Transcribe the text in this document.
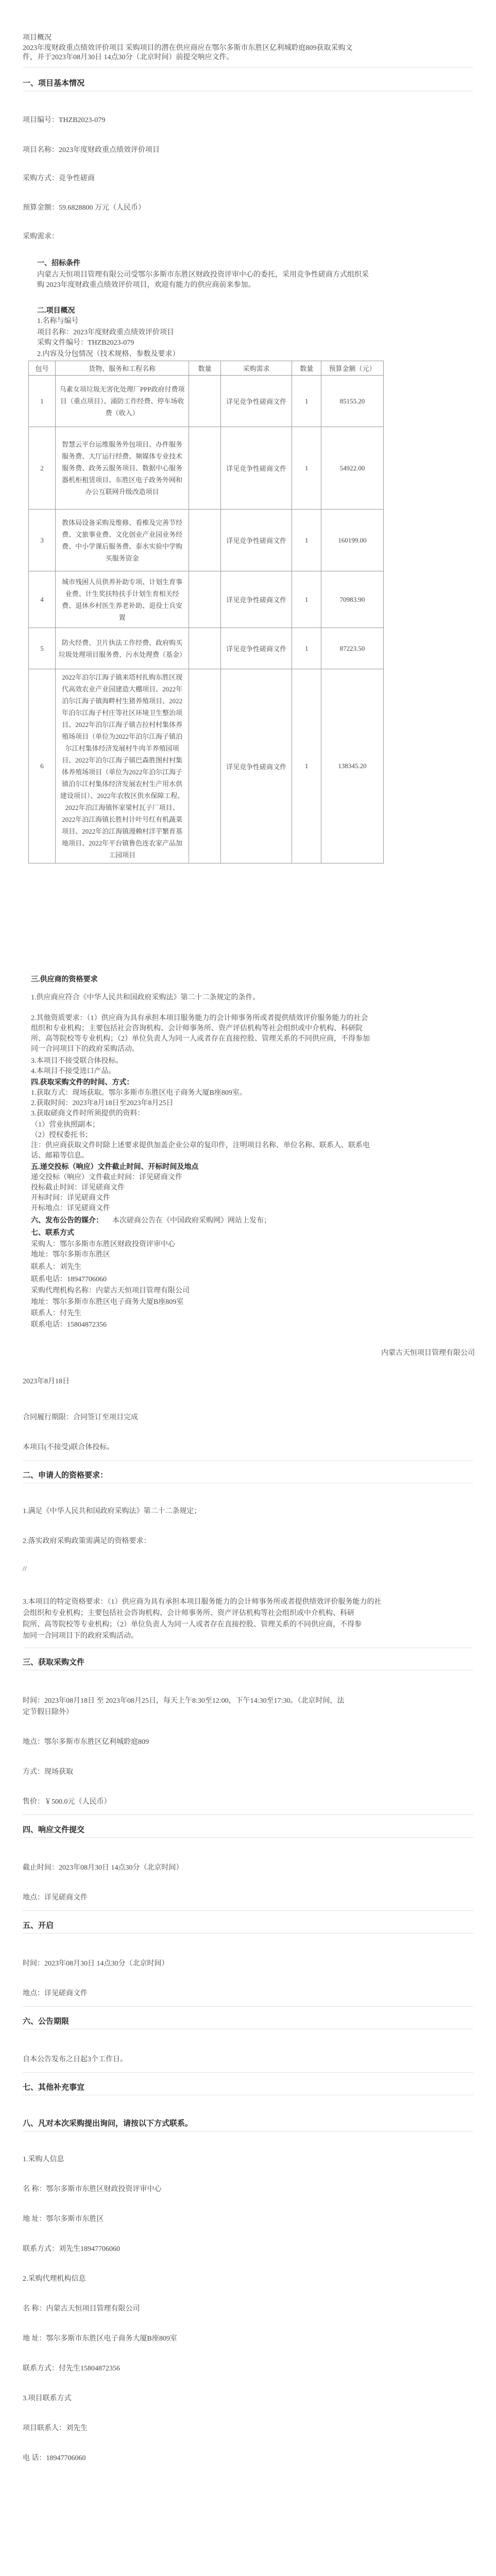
项目概况
2023年度财政重点绩效评价项目 采购项目的潜在供应商应在鄂尔多斯市东胜区亿利城聆庭809获取采购文
件，并于2023年08月30日 14点30分（北京时间）前提交响应文件。
一、项目基本情况
项目编号：THZB2023-079
项目名称：2023年度财政重点绩效评价项目
采购方式：竞争性磋商
预算金额：59.6828800 万元（人民币）
采购需求：
一、招标条件
内蒙古天恒项目管理有限公司受鄂尔多斯市东胜区财政投资评审中心的委托，采用竞争性磋商方式组织采
购 2023年度财政重点绩效评价项目，欢迎有能力的供应商前来参加。
二.项目概况
1.名称与编号
项目名称：2023年度财政重点绩效评价项目
采购文件编号：THZB2023-079
2.内容及分包情况（技术规格、参数及要求）
包号	货物、服务和工程名称	数量	采购需求	数量	预算金额（元）
1	乌素女项垃圾无害化处理厂PPP政府付费项目（重点项目）、涌防工作经费、停车场收费（收入）		详见竞争性磋商文件	1	85155.20
2	智慧云平台运维服务外包项目、办件服务服务费、大厅运行经费、频媒体专业技术服务费、政务云服务项目、数据中心服务器机柜租赁项目、东胜区电子政务外网和办公互联网升级改造项目		详见竞争性磋商文件	1	54922.00
3	教体局设备采购及维修、看椎及完善节经费、文旅事业费、文化创业产业园业务经费、中小学课后服务费、泰水实验中学购买服务资金		详见竞争性磋商文件	1	160199.00
4	城市残困人员供养补助专项、计划生育事业费、计生奖扶特扶手计划生育相关经费、退休乡村医生养老补助、退役士兵安置		详见竞争性磋商文件	1	70983.90
5	防火经费、卫片执法工作经费、政府购买垃圾处理项目服务费、污水处理费（基金）		详见竞争性磋商文件	1	87223.50
6	2022年泊尔江海子镇来塔村扎购东胜区现代高效农业产业园建造大棚项目、2022年泊尔江海子镇海畔村生猪养殖项目、2022年泊尔江海子村庄等社区环境卫生整治项目、2022年泊尔江海子镇吉拉村村集体养殖场项目（单位为2022年泊尔江海子镇泊尔江村集体经济发展村牛肉羊养殖园项目、2022年泊尔江海子镇巴森胜图村村集体养殖场项目（单位为2022年泊尔江海子镇泊尔江村集体经济发展农村生产用水供建设项目）、2022年农牧区供水保障工程、2022年泊江海镇怀家梁村瓦子厂项目、2022年泊江海镇长胜村计叶号红有机蔬菜项目、2022年泊江海镇漫赖村洋芋繁育基地项目、2022年平台镇鲁色连农家产品加工园项目		详见竞争性磋商文件	1	138345.20
三.供应商的资格要求
1.供应商应符合《中华人民共和国政府采购法》第二十二条规定的条件。
2.其他资质要求：（1）供应商为具有承担本项目服务能力的会计师事务所或者提供绩效评价服务能力的社会
组织和专业机构；主要包括社会咨询机构、会计师事务所、资产评估机构等社会组织或中介机构、科研院
所、高等院校等专业机构；（2）单位负责人为同一人或者存在直接控股、管理关系的不同供应商，不得参加
同一合同项目下的政府采购活动。
3.本项目不接受联合体投标。
4.本项目不接受进口产品。
四.获取采购文件的时间、方式：
1.获取方式：现场获取。鄂尔多斯市东胜区电子商务大厦B座809室。
2.获取时间：2023年8月18日至2023年8月25日
3.获取磋商文件时所须提供的资料：
（1）营业执照副本；
（2）授权委托书；
注：供应商获取文件时除上述要求提供加盖企业公章的复印件，注明项目名称、单位名称、联系人、联系电
话、邮箱等信息。
五.递交投标（响应）文件截止时间、开标时间及地点
递交投标（响应）文件截止时间：详见磋商文件
投标截止时间：详见磋商文件
开标时间：详见磋商文件
开标地点：详见磋商文件
六、发布公告的媒介： 本次磋商公告在《中国政府采购网》网站上发布；
七、联系方式
采购人：鄂尔多斯市东胜区财政投资评审中心
地址：鄂尔多斯市东胜区
联系人：刘先生
联系电话：18947706060
采购代理机构名称：内蒙古天恒项目管理有限公司
地址：鄂尔多斯市东胜区电子商务大厦B座809室
联系人：付先生
联系电话：15804872356
内蒙古天恒项目管理有限公司
2023年8月18日
合同履行期限：合同签订至项目完成
本项目(不接受)联合体投标。
二、申请人的资格要求：
1.满足《中华人民共和国政府采购法》第二十二条规定；
2.落实政府采购政策需满足的资格要求：
//
3.本项目的特定资格要求：（1）供应商为具有承担本项目服务能力的会计师事务所或者提供绩效评价服务能力的社
会组织和专业机构；主要包括社会咨询机构、会计师事务所、资产评估机构等社会组织或中介机构、科研
院所、高等院校等专业机构；（2）单位负责人为同一人或者存在直接控股、管理关系的不同供应商，不得参
加同一合同项目下的政府采购活动。
三、获取采购文件
时间：2023年08月18日 至 2023年08月25日，每天上午8:30至12:00，下午14:30至17:30。（北京时间，法
定节假日除外）
地点：鄂尔多斯市东胜区亿利城聆庭809
方式：现场获取
售价：￥500.0元（人民币）
四、响应文件提交
截止时间：2023年08月30日 14点30分（北京时间）
地点：详见磋商文件
五、开启
时间：2023年08月30日 14点30分（北京时间）
地点：详见磋商文件
六、公告期限
自本公告发布之日起3个工作日。
七、其他补充事宜
八、凡对本次采购提出询问，请按以下方式联系。
1.采购人信息
名 称：鄂尔多斯市东胜区财政投资评审中心
地 址：鄂尔多斯市东胜区
联系方式：刘先生18947706060
2.采购代理机构信息
名 称：内蒙古天恒项目管理有限公司
地 址：鄂尔多斯市东胜区电子商务大厦B座809室
联系方式：付先生15804872356
3.项目联系方式
项目联系人：刘先生
电 话：18947706060
